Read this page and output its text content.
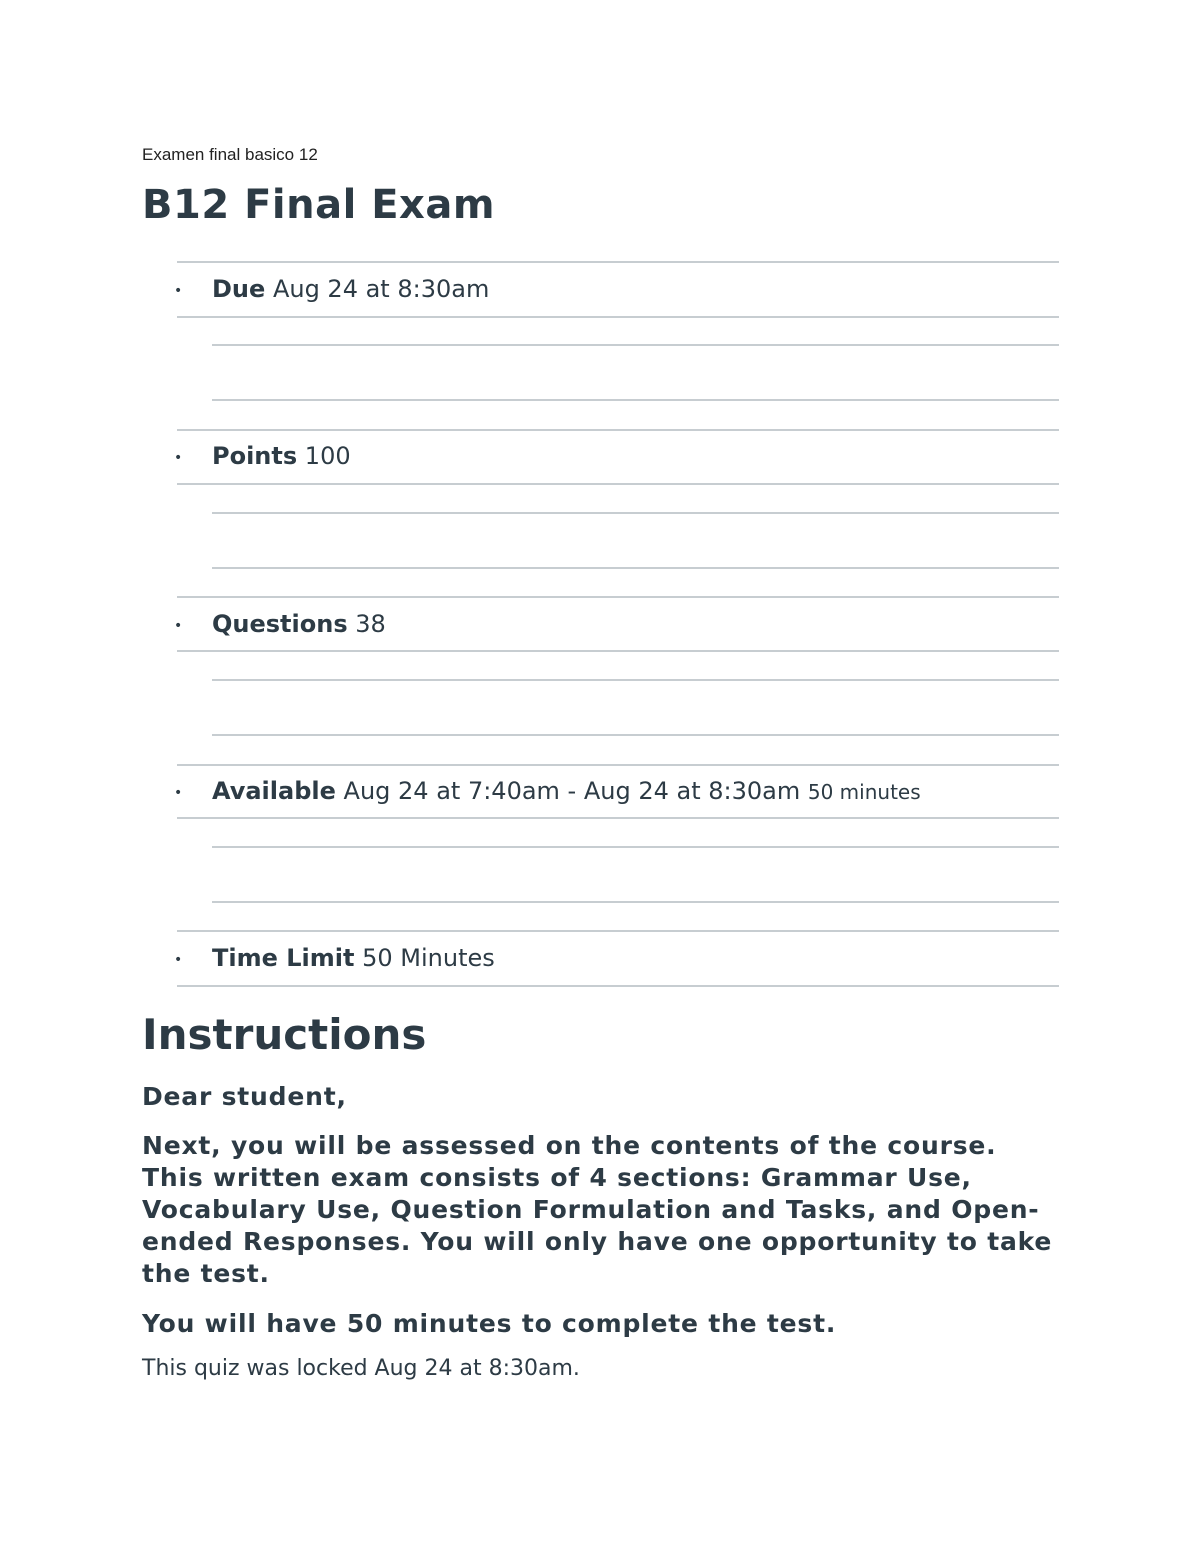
Examen final basico 12
B12 Final Exam
• Due Aug 24 at 8:30am
• Points 100
• Questions 38
• Available Aug 24 at 7:40am - Aug 24 at 8:30am 50 minutes
• Time Limit 50 Minutes
Instructions

Dear student,

Next, you will be assessed on the contents of the course. This written exam consists of 4 sections: Grammar Use, Vocabulary Use, Question Formulation and Tasks, and Open-ended Responses. You will only have one opportunity to take the test.

You will have 50 minutes to complete the test.

This quiz was locked Aug 24 at 8:30am.
